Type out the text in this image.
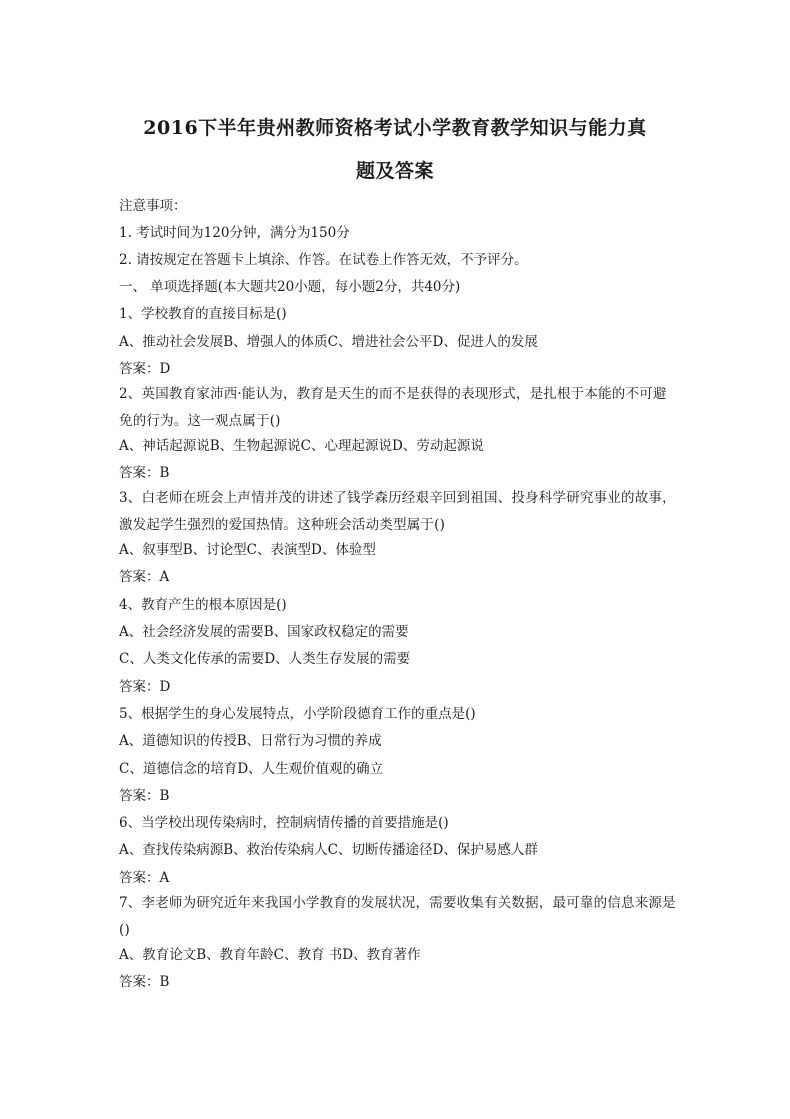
2016下半年贵州教师资格考试小学教育教学知识与能力真
题及答案
注意事项：
1. 考试时间为120分钟，满分为150分
2. 请按规定在答题卡上填涂、作答。在试卷上作答无效，不予评分。
一、 单项选择题(本大题共20小题，每小题2分，共40分)
1、学校教育的直接目标是()
A、推动社会发展B、增强人的体质C、增进社会公平D、促进人的发展
答案：D
2、英国教育家沛西·能认为，教育是天生的而不是获得的表现形式，是扎根于本能的不可避免的行为。这一观点属于()
A、神话起源说B、生物起源说C、心理起源说D、劳动起源说
答案：B
3、白老师在班会上声情并茂的讲述了钱学森历经艰辛回到祖国、投身科学研究事业的故事，激发起学生强烈的爱国热情。这种班会活动类型属于()
A、叙事型B、讨论型C、表演型D、体验型
答案：A
4、教育产生的根本原因是()
A、社会经济发展的需要B、国家政权稳定的需要
C、人类文化传承的需要D、人类生存发展的需要
答案：D
5、根据学生的身心发展特点，小学阶段德育工作的重点是()
A、道德知识的传授B、日常行为习惯的养成
C、道德信念的培育D、人生观价值观的确立
答案：B
6、当学校出现传染病时，控制病情传播的首要措施是()
A、查找传染病源B、救治传染病人C、切断传播途径D、保护易感人群
答案：A
7、李老师为研究近年来我国小学教育的发展状况，需要收集有关数据，最可靠的信息来源是()
A、教育论文B、教育年龄C、教育 书D、教育著作
答案：B
